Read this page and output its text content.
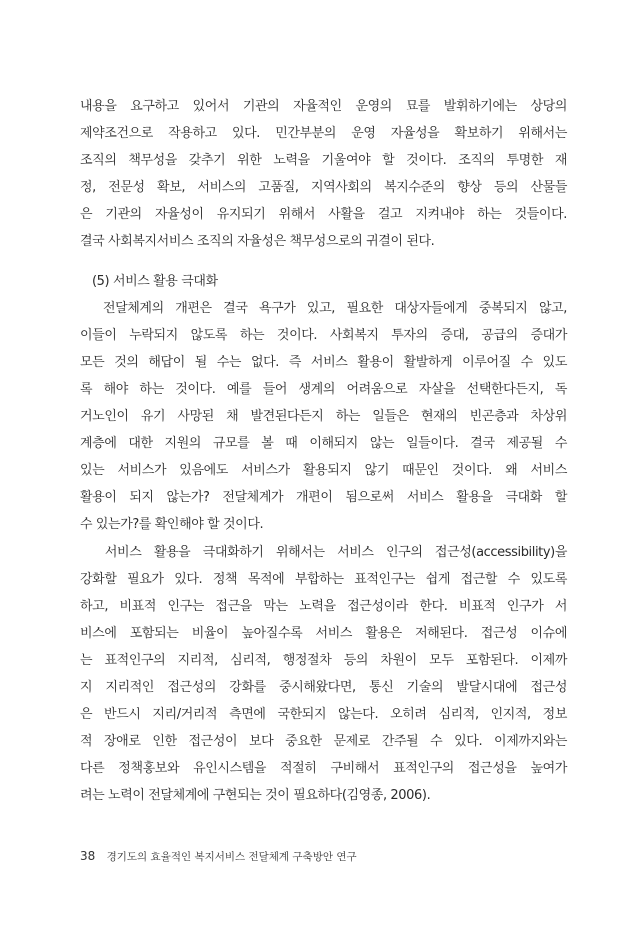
내용을 요구하고 있어서 기관의 자율적인 운영의 묘를 발휘하기에는 상당의
제약조건으로 작용하고 있다. 민간부분의 운영 자율성을 확보하기 위해서는
조직의 책무성을 갖추기 위한 노력을 기울여야 할 것이다. 조직의 투명한 재
정, 전문성 확보, 서비스의 고품질, 지역사회의 복지수준의 향상 등의 산물들
은 기관의 자율성이 유지되기 위해서 사활을 걸고 지켜내야 하는 것들이다.
결국 사회복지서비스 조직의 자율성은 책무성으로의 귀결이 된다.
(5) 서비스 활용 극대화
전달체계의 개편은 결국 욕구가 있고, 필요한 대상자들에게 중복되지 않고,
이들이 누락되지 않도록 하는 것이다. 사회복지 투자의 증대, 공급의 증대가
모든 것의 해답이 될 수는 없다. 즉 서비스 활용이 활발하게 이루어질 수 있도
록 해야 하는 것이다. 예를 들어 생계의 어려움으로 자살을 선택한다든지, 독
거노인이 유기 사망된 채 발견된다든지 하는 일들은 현재의 빈곤층과 차상위
계층에 대한 지원의 규모를 볼 때 이해되지 않는 일들이다. 결국 제공될 수
있는 서비스가 있음에도 서비스가 활용되지 않기 때문인 것이다. 왜 서비스
활용이 되지 않는가? 전달체계가 개편이 됨으로써 서비스 활용을 극대화 할
수 있는가?를 확인해야 할 것이다.
서비스 활용을 극대화하기 위해서는 서비스 인구의 접근성(accessibility)을
강화할 필요가 있다. 정책 목적에 부합하는 표적인구는 쉽게 접근할 수 있도록
하고, 비표적 인구는 접근을 막는 노력을 접근성이라 한다. 비표적 인구가 서
비스에 포함되는 비율이 높아질수록 서비스 활용은 저해된다. 접근성 이슈에
는 표적인구의 지리적, 심리적, 행정절차 등의 차원이 모두 포함된다. 이제까
지 지리적인 접근성의 강화를 중시해왔다면, 통신 기술의 발달시대에 접근성
은 반드시 지리/거리적 측면에 국한되지 않는다. 오히려 심리적, 인지적, 정보
적 장애로 인한 접근성이 보다 중요한 문제로 간주될 수 있다. 이제까지와는
다른 정책홍보와 유인시스템을 적절히 구비해서 표적인구의 접근성을 높여가
려는 노력이 전달체계에 구현되는 것이 필요하다(김영종, 2006).
38 경기도의 효율적인 복지서비스 전달체계 구축방안 연구
